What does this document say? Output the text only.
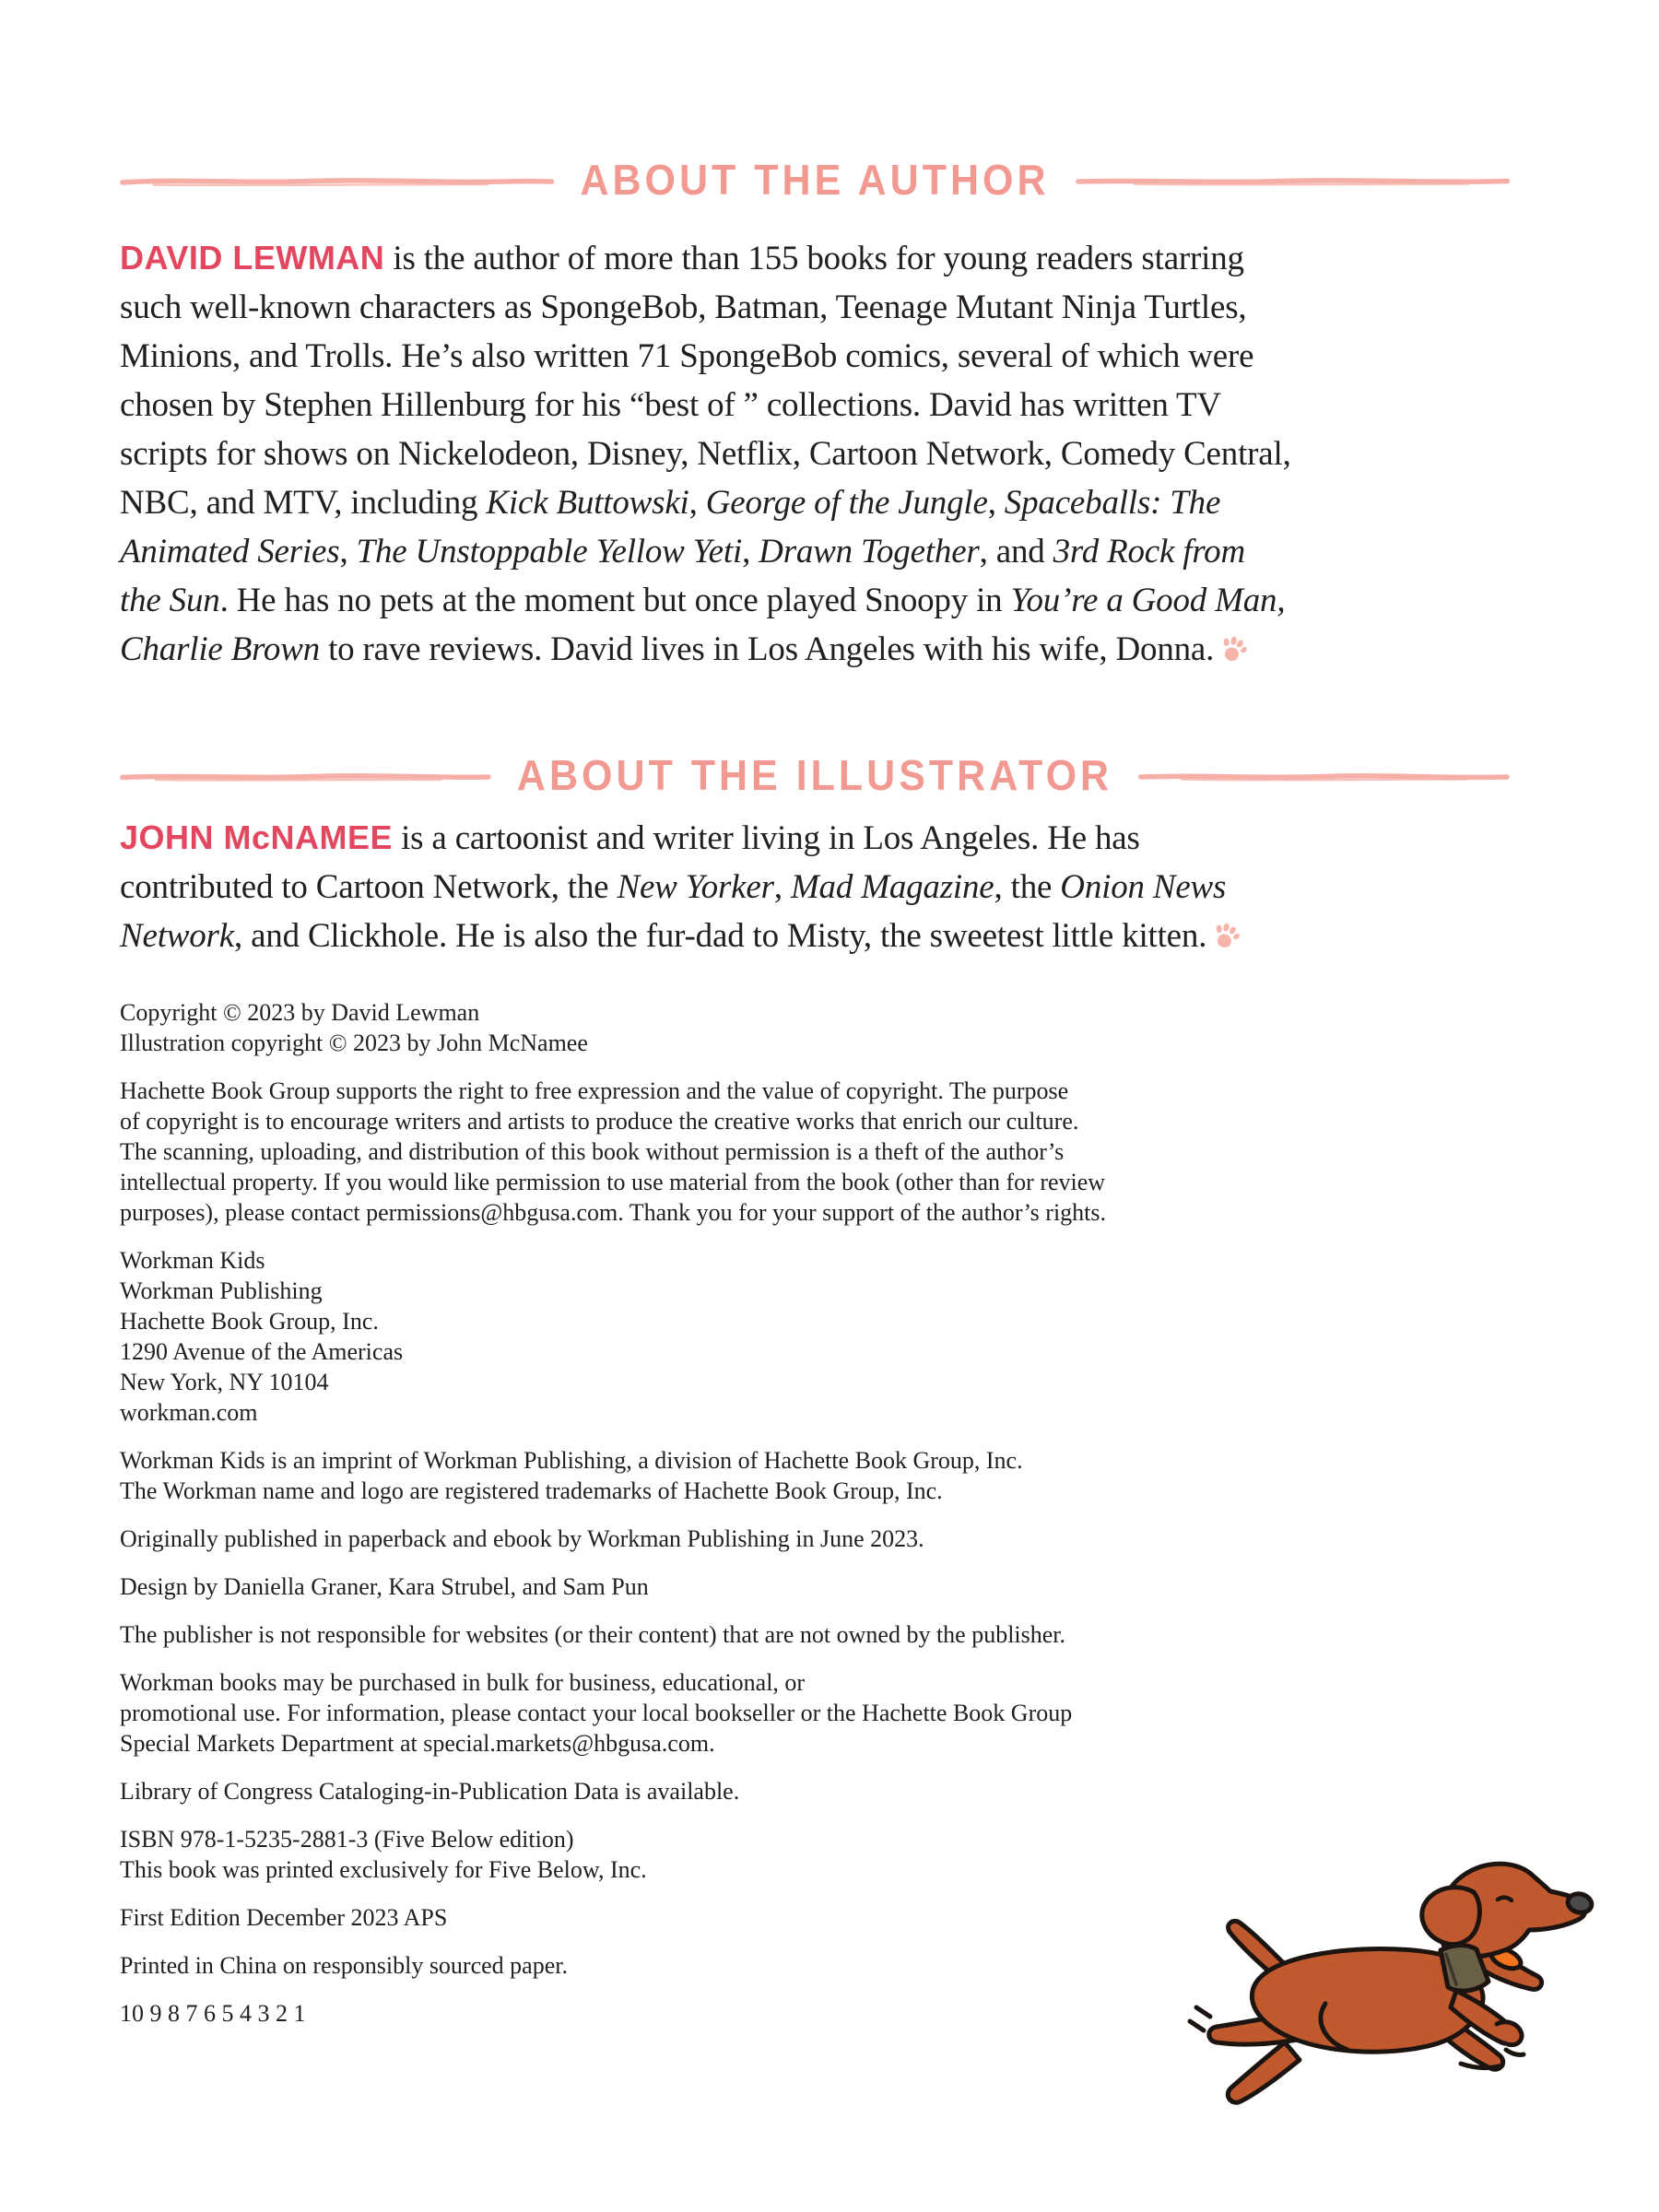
ABOUT THE AUTHOR
DAVID LEWMAN is the author of more than 155 books for young readers starring
such well-known characters as SpongeBob, Batman, Teenage Mutant Ninja Turtles,
Minions, and Trolls. He’s also written 71 SpongeBob comics, several of which were
chosen by Stephen Hillenburg for his “best of ” collections. David has written TV
scripts for shows on Nickelodeon, Disney, Netflix, Cartoon Network, Comedy Central,
NBC, and MTV, including Kick Buttowski, George of the Jungle, Spaceballs: The
Animated Series, The Unstoppable Yellow Yeti, Drawn Together, and 3rd Rock from
the Sun. He has no pets at the moment but once played Snoopy in You’re a Good Man,
Charlie Brown to rave reviews. David lives in Los Angeles with his wife, Donna.
ABOUT THE ILLUSTRATOR
JOHN McNAMEE is a cartoonist and writer living in Los Angeles. He has
contributed to Cartoon Network, the New Yorker, Mad Magazine, the Onion News
Network, and Clickhole. He is also the fur-dad to Misty, the sweetest little kitten.

Copyright © 2023 by David Lewman
Illustration copyright © 2023 by John McNamee

Hachette Book Group supports the right to free expression and the value of copyright. The purpose
of copyright is to encourage writers and artists to produce the creative works that enrich our culture.
The scanning, uploading, and distribution of this book without permission is a theft of the author’s
intellectual property. If you would like permission to use material from the book (other than for review
purposes), please contact permissions@hbgusa.com. Thank you for your support of the author’s rights.

Workman Kids
Workman Publishing
Hachette Book Group, Inc.
1290 Avenue of the Americas
New York, NY 10104
workman.com

Workman Kids is an imprint of Workman Publishing, a division of Hachette Book Group, Inc.
The Workman name and logo are registered trademarks of Hachette Book Group, Inc.

Originally published in paperback and ebook by Workman Publishing in June 2023.

Design by Daniella Graner, Kara Strubel, and Sam Pun

The publisher is not responsible for websites (or their content) that are not owned by the publisher.

Workman books may be purchased in bulk for business, educational, or
promotional use. For information, please contact your local bookseller or the Hachette Book Group
Special Markets Department at special.markets@hbgusa.com.

Library of Congress Cataloging-in-Publication Data is available.

ISBN 978-1-5235-2881-3 (Five Below edition)
This book was printed exclusively for Five Below, Inc.

First Edition December 2023 APS

Printed in China on responsibly sourced paper.

10 9 8 7 6 5 4 3 2 1
